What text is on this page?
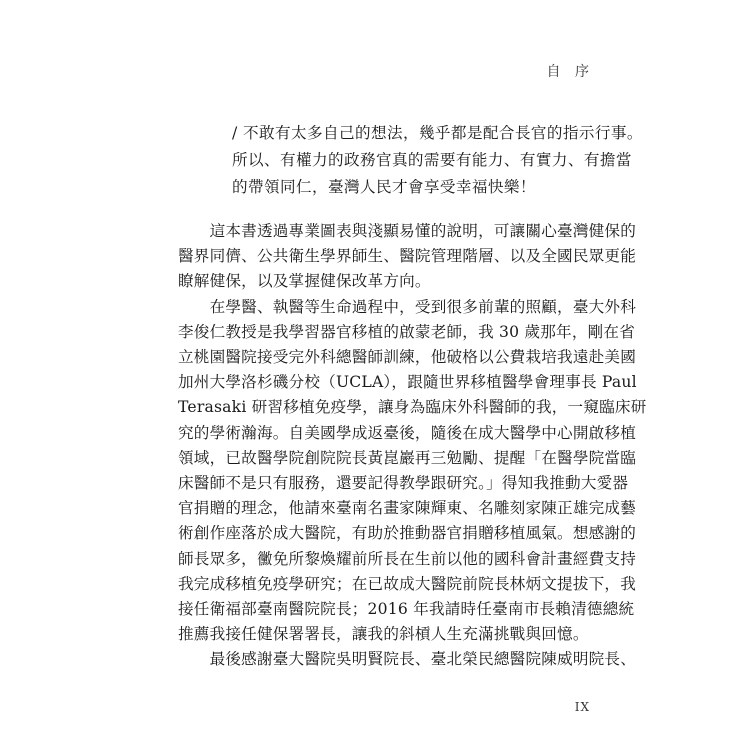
自 序
/ 不敢有太多自己的想法，幾乎都是配合長官的指示行事。
所以、有權力的政務官真的需要有能力、有實力、有擔當
的帶領同仁，臺灣人民才會享受幸福快樂！
　　這本書透過專業圖表與淺顯易懂的說明，可讓關心臺灣健保的
醫界同儕、公共衛生學界師生、醫院管理階層、以及全國民眾更能
瞭解健保，以及掌握健保改革方向。
　　在學醫、執醫等生命過程中，受到很多前輩的照顧，臺大外科
李俊仁教授是我學習器官移植的啟蒙老師，我 30 歲那年，剛在省
立桃園醫院接受完外科總醫師訓練，他破格以公費栽培我遠赴美國
加州大學洛杉磯分校（UCLA），跟隨世界移植醫學會理事長 Paul
Terasaki 研習移植免疫學，讓身為臨床外科醫師的我，一窺臨床研
究的學術瀚海。自美國學成返臺後，隨後在成大醫學中心開啟移植
領域，已故醫學院創院院長黃崑巖再三勉勵、提醒「在醫學院當臨
床醫師不是只有服務，還要記得教學跟研究。」得知我推動大愛器
官捐贈的理念，他請來臺南名畫家陳輝東、名雕刻家陳正雄完成藝
術創作座落於成大醫院，有助於推動器官捐贈移植風氣。想感謝的
師長眾多，黴免所黎煥耀前所長在生前以他的國科會計畫經費支持
我完成移植免疫學研究；在已故成大醫院前院長林炳文提拔下，我
接任衛福部臺南醫院院長；2016 年我請時任臺南市長賴清德總統
推薦我接任健保署署長，讓我的斜槓人生充滿挑戰與回憶。
　　最後感謝臺大醫院吳明賢院長、臺北榮民總醫院陳威明院長、
IX
